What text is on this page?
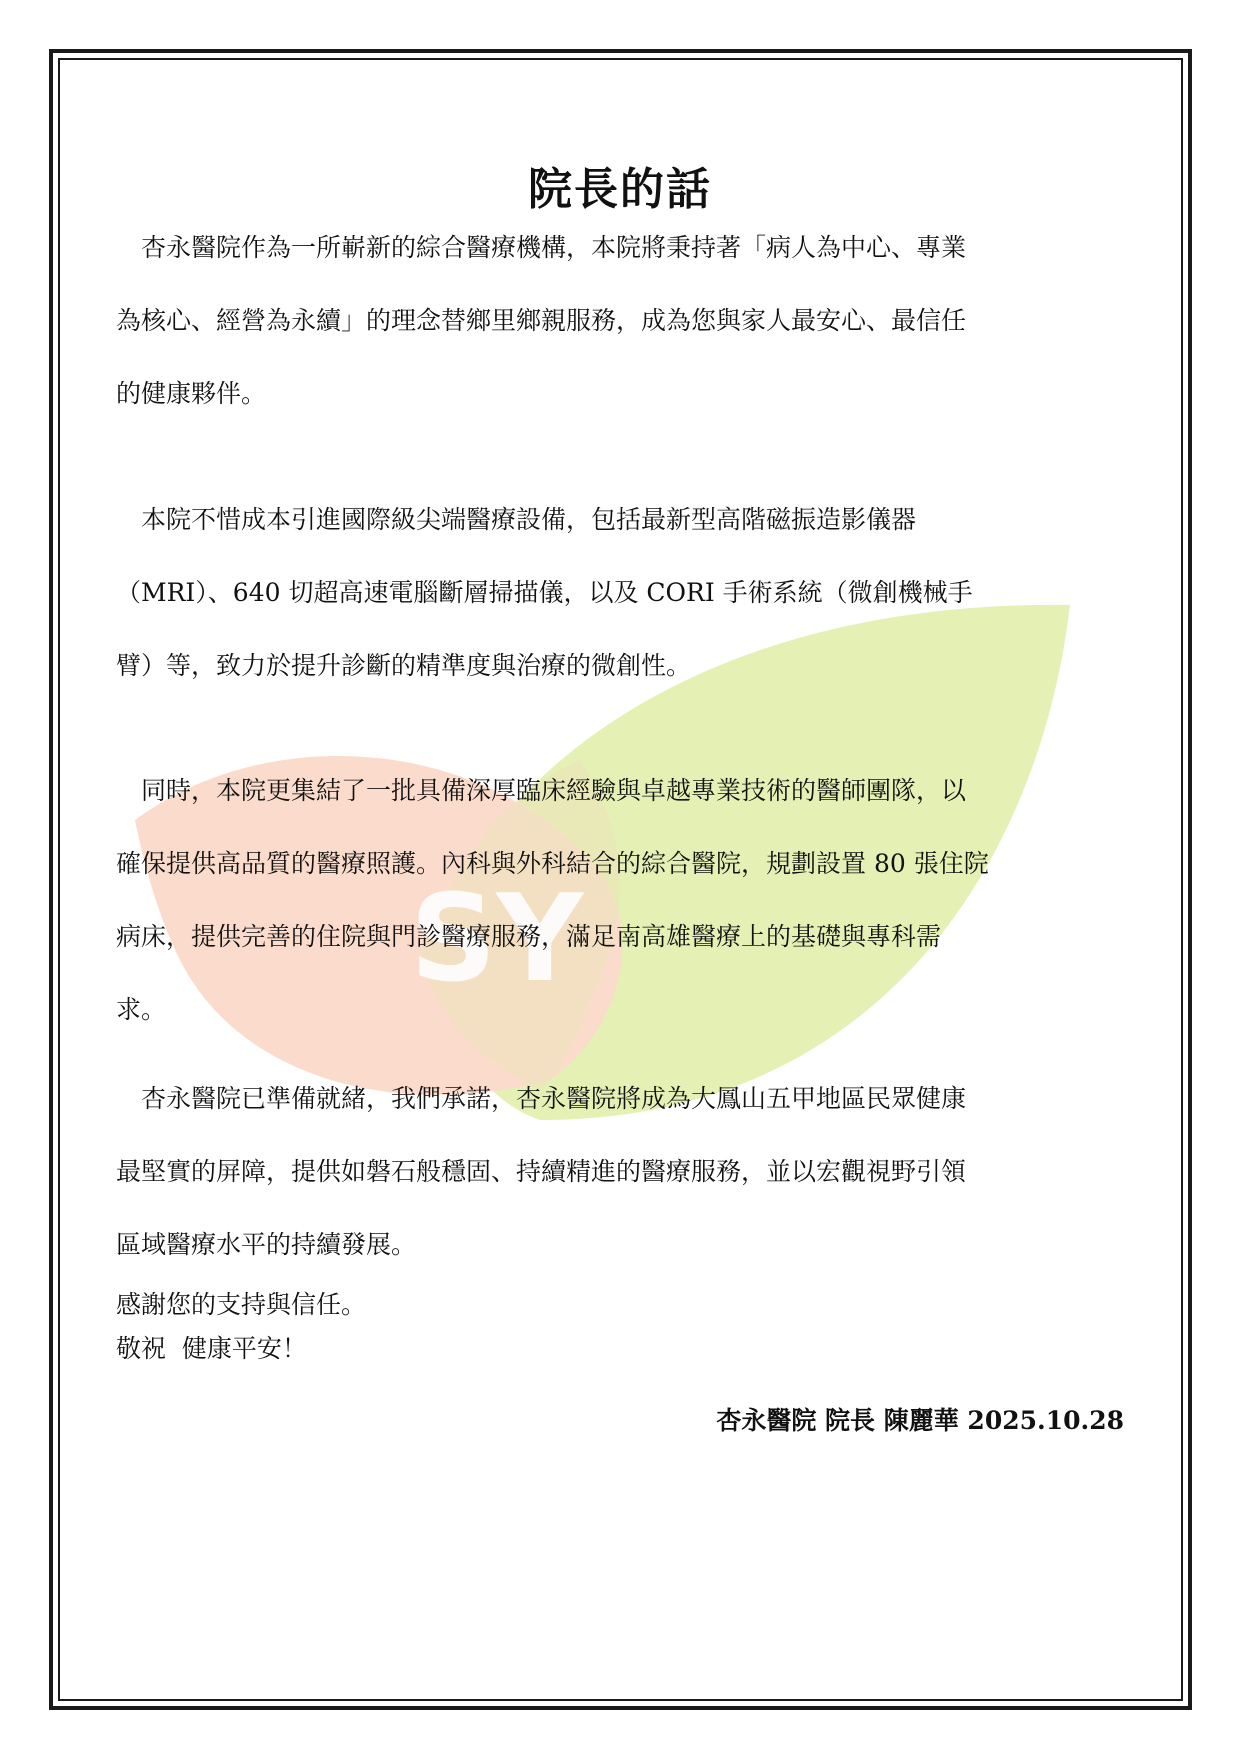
SY
院長的話

　杏永醫院作為一所嶄新的綜合醫療機構，本院將秉持著「病人為中心、專業
為核心、經營為永續」的理念替鄉里鄉親服務，成為您與家人最安心、最信任
的健康夥伴。

　本院不惜成本引進國際級尖端醫療設備，包括最新型高階磁振造影儀器
（MRI）、640 切超高速電腦斷層掃描儀，以及 CORI 手術系統（微創機械手
臂）等，致力於提升診斷的精準度與治療的微創性。

　同時，本院更集結了一批具備深厚臨床經驗與卓越專業技術的醫師團隊，以
確保提供高品質的醫療照護。內科與外科結合的綜合醫院，規劃設置 80 張住院
病床，提供完善的住院與門診醫療服務，滿足南高雄醫療上的基礎與專科需
求。

　杏永醫院已準備就緒，我們承諾，杏永醫院將成為大鳳山五甲地區民眾健康
最堅實的屏障，提供如磐石般穩固、持續精進的醫療服務，並以宏觀視野引領
區域醫療水平的持續發展。

感謝您的支持與信任。
敬祝  健康平安！

杏永醫院 院長 陳麗華 2025.10.28
